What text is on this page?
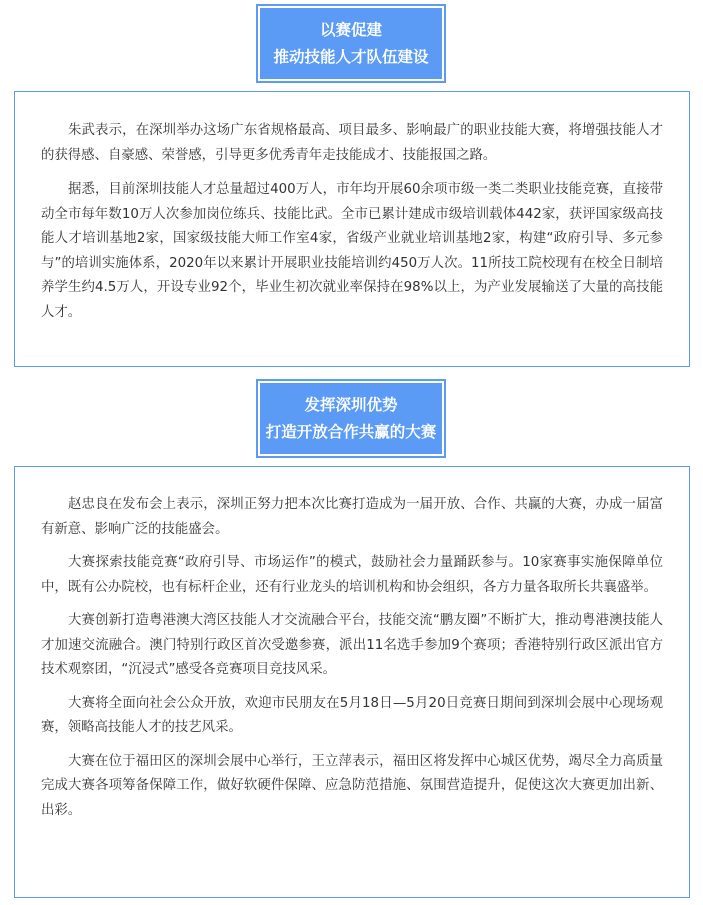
以赛促建
推动技能人才队伍建设

朱武表示，在深圳举办这场广东省规格最高、项目最多、影响最广的职业技能大赛，将增强技能人才的获得感、自豪感、荣誉感，引导更多优秀青年走技能成才、技能报国之路。

据悉，目前深圳技能人才总量超过400万人，市年均开展60余项市级一类二类职业技能竞赛，直接带动全市每年数10万人次参加岗位练兵、技能比武。全市已累计建成市级培训载体442家，获评国家级高技能人才培训基地2家，国家级技能大师工作室4家，省级产业就业培训基地2家，构建“政府引导、多元参与”的培训实施体系，2020年以来累计开展职业技能培训约450万人次。11所技工院校现有在校全日制培养学生约4.5万人，开设专业92个，毕业生初次就业率保持在98%以上，为产业发展输送了大量的高技能人才。

发挥深圳优势
打造开放合作共赢的大赛

赵忠良在发布会上表示，深圳正努力把本次比赛打造成为一届开放、合作、共赢的大赛，办成一届富有新意、影响广泛的技能盛会。

大赛探索技能竞赛“政府引导、市场运作”的模式，鼓励社会力量踊跃参与。10家赛事实施保障单位中，既有公办院校，也有标杆企业，还有行业龙头的培训机构和协会组织，各方力量各取所长共襄盛举。

大赛创新打造粤港澳大湾区技能人才交流融合平台，技能交流“鹏友圈”不断扩大，推动粤港澳技能人才加速交流融合。澳门特别行政区首次受邀参赛，派出11名选手参加9个赛项；香港特别行政区派出官方技术观察团，“沉浸式”感受各竞赛项目竞技风采。

大赛将全面向社会公众开放，欢迎市民朋友在5月18日—5月20日竞赛日期间到深圳会展中心现场观赛，领略高技能人才的技艺风采。

大赛在位于福田区的深圳会展中心举行，王立萍表示，福田区将发挥中心城区优势，竭尽全力高质量完成大赛各项筹备保障工作，做好软硬件保障、应急防范措施、氛围营造提升，促使这次大赛更加出新、出彩。
